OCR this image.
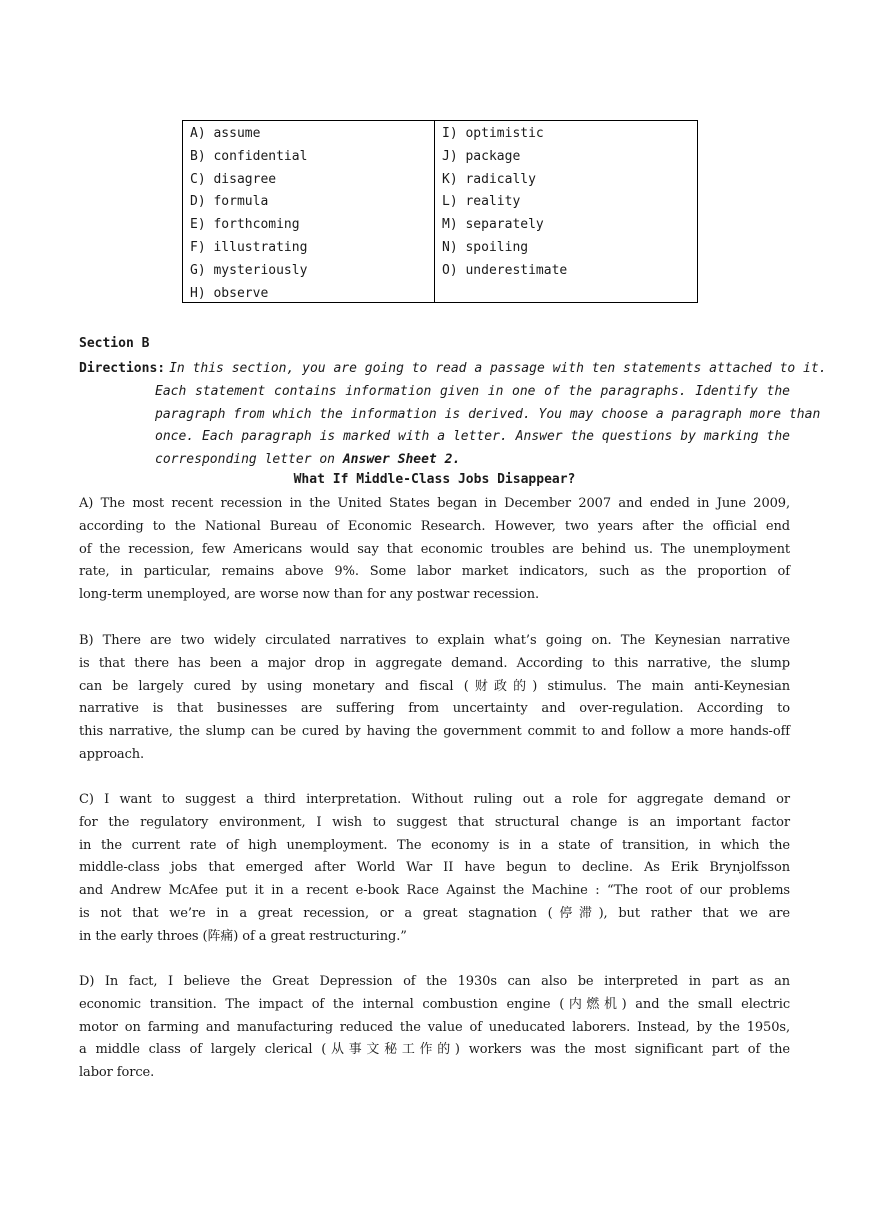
A) assume
B) confidential
C) disagree
D) formula
E) forthcoming
F) illustrating
G) mysteriously
H) observe
I) optimistic
J) package
K) radically
L) reality
M) separately
N) spoiling
O) underestimate
Section B
Directions: In this section, you are going to read a passage with ten statements attached to it.
Each statement contains information given in one of the paragraphs. Identify the
paragraph from which the information is derived. You may choose a paragraph more than
once. Each paragraph is marked with a letter. Answer the questions by marking the
corresponding letter on Answer Sheet 2.
What If Middle-Class Jobs Disappear?
A) The most recent recession in the United States began in December 2007 and ended in June 2009,
according to the National Bureau of Economic Research. However, two years after the official end
of the recession, few Americans would say that economic troubles are behind us. The unemployment
rate, in particular, remains above 9%. Some labor market indicators, such as the proportion of
long-term unemployed, are worse now than for any postwar recession.
B) There are two widely circulated narratives to explain what’s going on. The Keynesian narrative
is that there has been a major drop in aggregate demand. According to this narrative, the slump
can be largely cured by using monetary and fiscal (财政的) stimulus. The main anti-Keynesian
narrative is that businesses are suffering from uncertainty and over-regulation. According to
this narrative, the slump can be cured by having the government commit to and follow a more hands-off
approach.
C) I want to suggest a third interpretation. Without ruling out a role for aggregate demand or
for the regulatory environment, I wish to suggest that structural change is an important factor
in the current rate of high unemployment. The economy is in a state of transition, in which the
middle-class jobs that emerged after World War II have begun to decline. As Erik Brynjolfsson
and Andrew McAfee put it in a recent e-book Race Against the Machine : “The root of our problems
is not that we’re in a great recession, or a great stagnation (停滞), but rather that we are
in the early throes (阵痛) of a great restructuring.”
D) In fact, I believe the Great Depression of the 1930s can also be interpreted in part as an
economic transition. The impact of the internal combustion engine (内燃机) and the small electric
motor on farming and manufacturing reduced the value of uneducated laborers. Instead, by the 1950s,
a middle class of largely clerical (从事文秘工作的) workers was the most significant part of the
labor force.
